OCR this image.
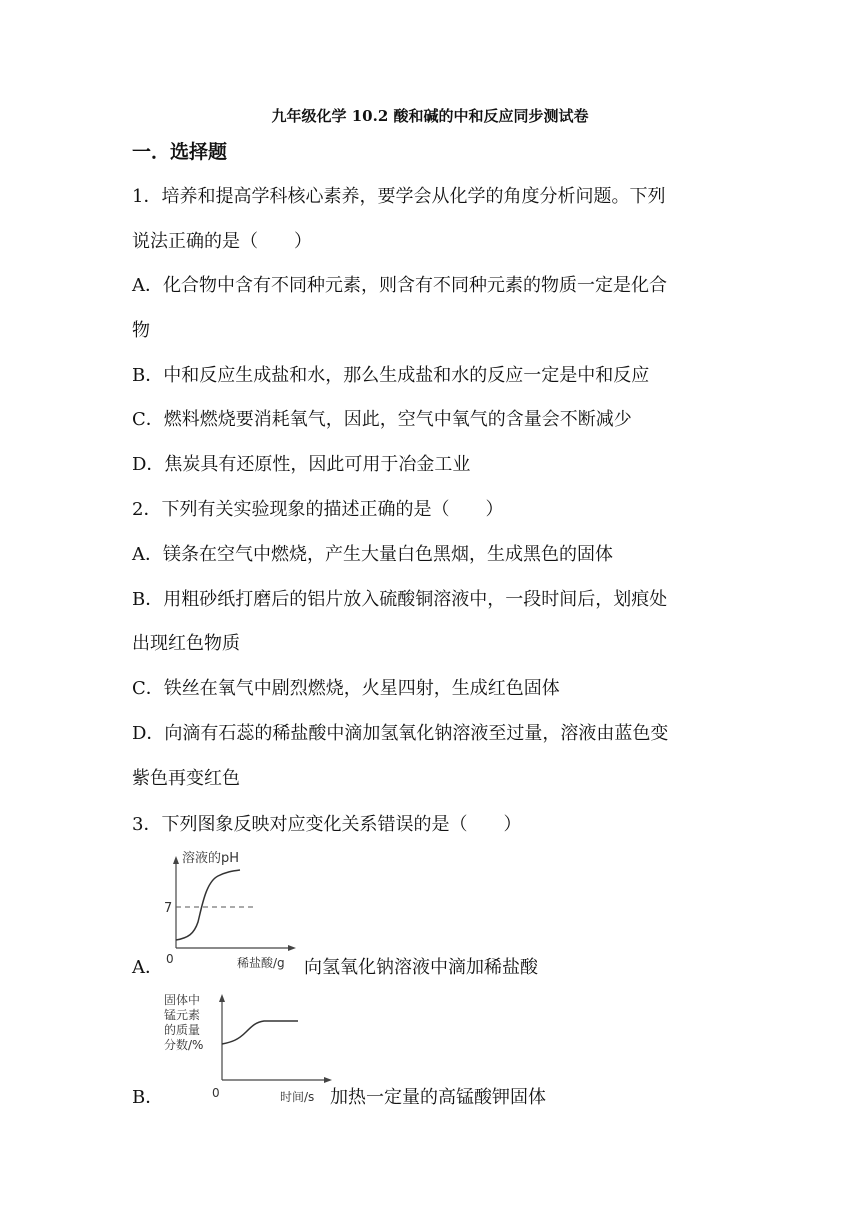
九年级化学 10.2 酸和碱的中和反应同步测试卷
一．选择题
1．培养和提高学科核心素养，要学会从化学的角度分析问题。下列
说法正确的是（　　）
A．化合物中含有不同种元素，则含有不同种元素的物质一定是化合
物
B．中和反应生成盐和水，那么生成盐和水的反应一定是中和反应
C．燃料燃烧要消耗氧气，因此，空气中氧气的含量会不断减少
D．焦炭具有还原性，因此可用于冶金工业
2．下列有关实验现象的描述正确的是（　　）
A．镁条在空气中燃烧，产生大量白色黑烟，生成黑色的固体
B．用粗砂纸打磨后的铝片放入硫酸铜溶液中，一段时间后，划痕处
出现红色物质
C．铁丝在氧气中剧烈燃烧，火星四射，生成红色固体
D．向滴有石蕊的稀盐酸中滴加氢氧化钠溶液至过量，溶液由蓝色变
紫色再变红色
3．下列图象反映对应变化关系错误的是（　　）
溶液的pH
7
0	稀盐酸/g
A．	向氢氧化钠溶液中滴加稀盐酸
固体中
锰元素
的质量
分数/%
0	时间/s
B．	加热一定量的高锰酸钾固体
